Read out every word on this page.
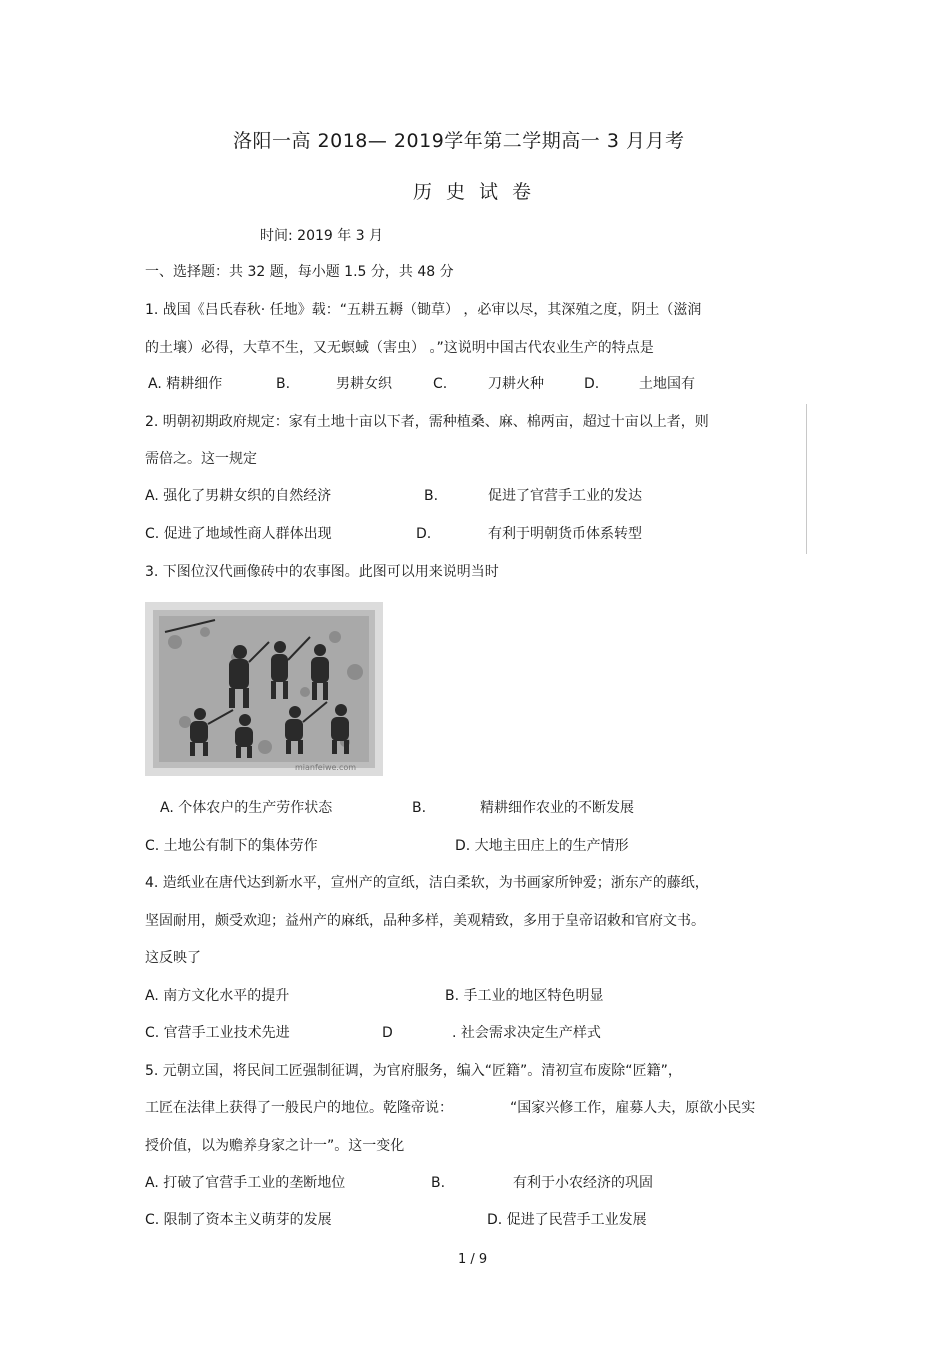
洛阳一高 2018— 2019学年第二学期高一 3 月月考
历史试卷
时间: 2019 年 3 月
一、选择题：共 32 题，每小题 1.5 分，共 48 分
1. 战国《吕氏春秋· 任地》载：“五耕五耨（锄草） ，必审以尽，其深殖之度，阴土（滋润
的土壤）必得，大草不生，又无螟蜮（害虫） 。”这说明中国古代农业生产的特点是
A. 精耕细作	B.	男耕女织	C.	刀耕火种	D.	土地国有
2. 明朝初期政府规定：家有土地十亩以下者，需种植桑、麻、棉两亩，超过十亩以上者，则
需倍之。这一规定
A. 强化了男耕女织的自然经济	B.	促进了官营手工业的发达
C. 促进了地域性商人群体出现	D.	有利于明朝货币体系转型
3. 下图位汉代画像砖中的农事图。此图可以用来说明当时
mianfeiwe.com
A. 个体农户的生产劳作状态	B.	精耕细作农业的不断发展
C. 土地公有制下的集体劳作	D. 大地主田庄上的生产情形
4. 造纸业在唐代达到新水平，宣州产的宣纸，洁白柔软，为书画家所钟爱；浙东产的藤纸，
坚固耐用，颇受欢迎；益州产的麻纸，品种多样，美观精致，多用于皇帝诏敕和官府文书。
这反映了
A. 南方文化水平的提升	B. 手工业的地区特色明显
C. 官营手工业技术先进	D	. 社会需求决定生产样式
5. 元朝立国，将民间工匠强制征调，为官府服务，编入“匠籍”。清初宣布废除“匠籍”，
工匠在法律上获得了一般民户的地位。乾隆帝说：	“国家兴修工作，雇募人夫，原欲小民实
授价值，以为赡养身家之计一”。这一变化
A. 打破了官营手工业的垄断地位	B.	有利于小农经济的巩固
C. 限制了资本主义萌芽的发展	D. 促进了民营手工业发展
1 / 9
